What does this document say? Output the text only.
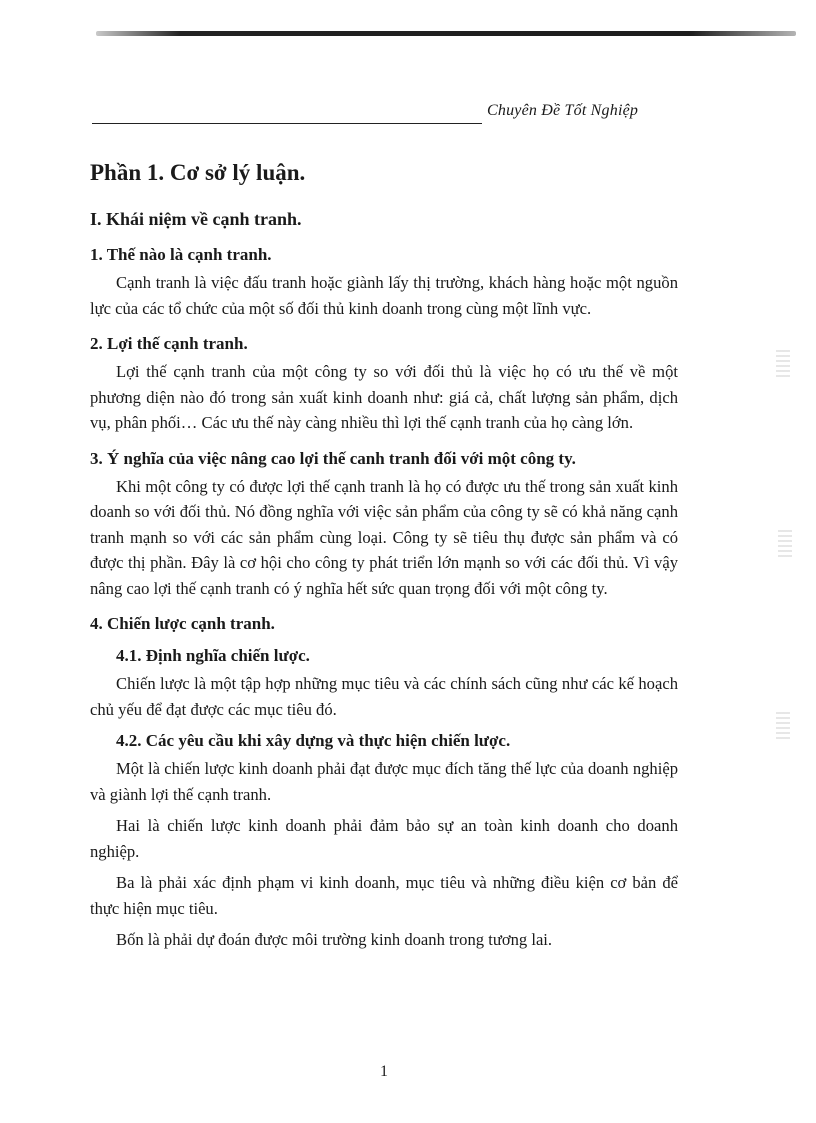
Chuyên Đề Tốt Nghiệp
Phần 1. Cơ sở lý luận.
I. Khái niệm về cạnh tranh.
1. Thế nào là cạnh tranh.

Cạnh tranh là việc đấu tranh hoặc giành lấy thị trường, khách hàng hoặc một nguồn lực của các tổ chức của một số đối thủ kinh doanh trong cùng một lĩnh vực.

2. Lợi thế cạnh tranh.

Lợi thế cạnh tranh của một công ty so với đối thủ là việc họ có ưu thế về một phương diện nào đó trong sản xuất kinh doanh như: giá cả, chất lượng sản phẩm, dịch vụ, phân phối… Các ưu thế này càng nhiều thì lợi thế cạnh tranh của họ càng lớn.

3. Ý nghĩa của việc nâng cao lợi thế canh tranh đối với một công ty.

Khi một công ty có được lợi thế cạnh tranh là họ có được ưu thế trong sản xuất kinh doanh so với đối thủ. Nó đồng nghĩa với việc sản phẩm của công ty sẽ có khả năng cạnh tranh mạnh so với các sản phẩm cùng loại. Công ty sẽ tiêu thụ được sản phẩm và có được thị phần. Đây là cơ hội cho công ty phát triển lớn mạnh so với các đối thủ. Vì vậy nâng cao lợi thế cạnh tranh có ý nghĩa hết sức quan trọng đối với một công ty.

4. Chiến lược cạnh tranh.
4.1. Định nghĩa chiến lược.

Chiến lược là một tập hợp những mục tiêu và các chính sách cũng như các kế hoạch chủ yếu để đạt được các mục tiêu đó.

4.2. Các yêu cầu khi xây dựng và thực hiện chiến lược.

Một là chiến lược kinh doanh phải đạt được mục đích tăng thế lực của doanh nghiệp và giành lợi thế cạnh tranh.

Hai là chiến lược kinh doanh phải đảm bảo sự an toàn kinh doanh cho doanh nghiệp.

Ba là phải xác định phạm vi kinh doanh, mục tiêu và những điều kiện cơ bản để thực hiện mục tiêu.

Bốn là phải dự đoán được môi trường kinh doanh trong tương lai.

1
